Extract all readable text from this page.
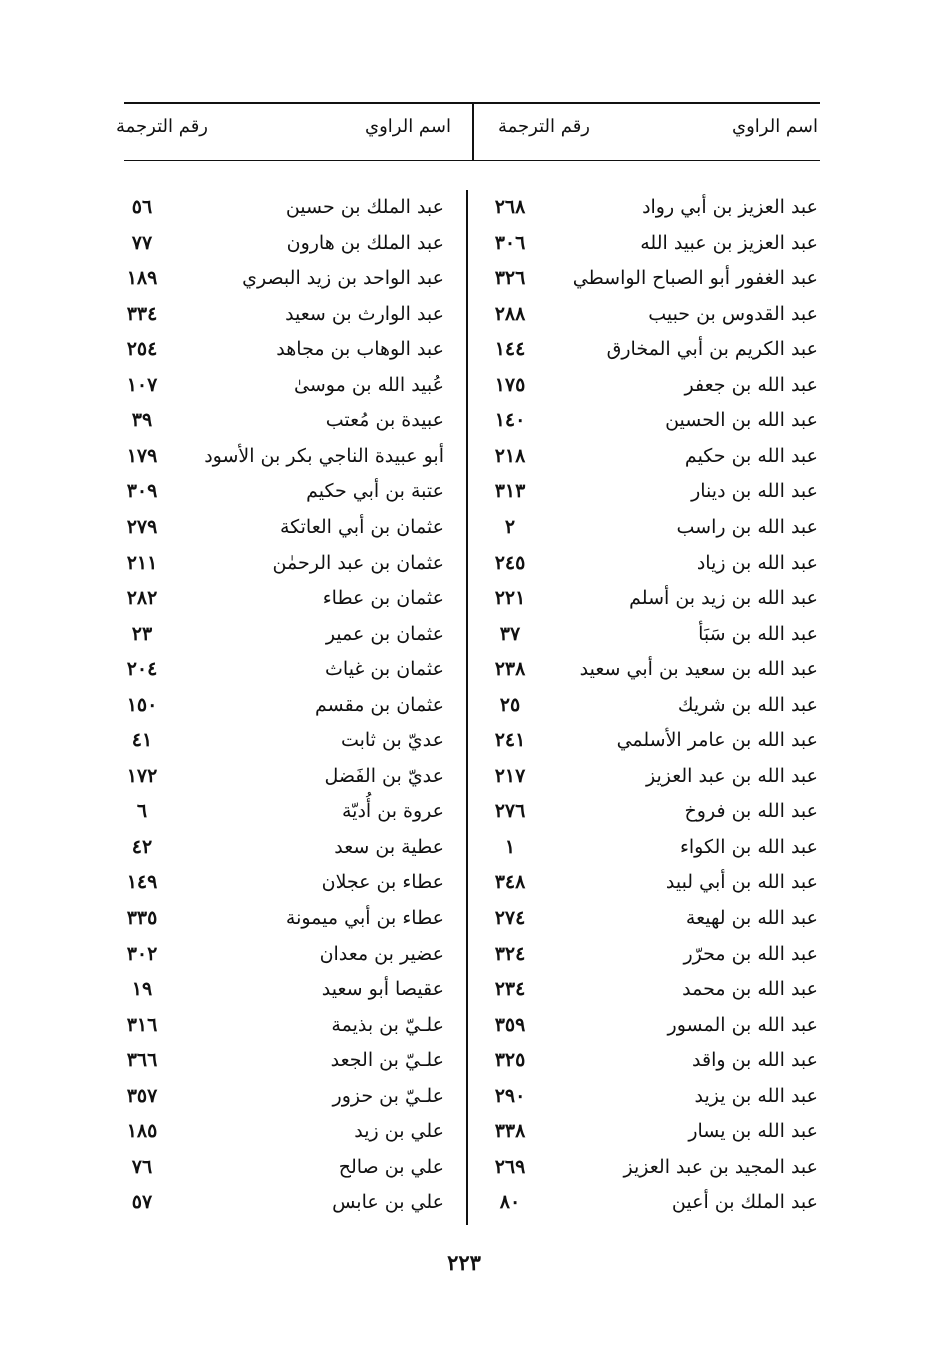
اسم الراوي
رقم الترجمة
اسم الراوي
رقم الترجمة
عبد العزيز بن أبي رواد
٢٦٨
عبد العزيز بن عبيد الله
٣٠٦
عبد الغفور أبو الصباح الواسطي
٣٢٦
عبد القدوس بن حبيب
٢٨٨
عبد الكريم بن أبي المخارق
١٤٤
عبد الله بن جعفر
١٧٥
عبد الله بن الحسين
١٤٠
عبد الله بن حكيم
٢١٨
عبد الله بن دينار
٣١٣
عبد الله بن راسب
٢
عبد الله بن زياد
٢٤٥
عبد الله بن زيد بن أسلم
٢٢١
عبد الله بن سَبَأ
٣٧
عبد الله بن سعيد بن أبي سعيد
٢٣٨
عبد الله بن شريك
٢٥
عبد الله بن عامر الأسلمي
٢٤١
عبد الله بن عبد العزيز
٢١٧
عبد الله بن فروخ
٢٧٦
عبد الله بن الكواء
١
عبد الله بن أبي لبيد
٣٤٨
عبد الله بن لهيعة
٢٧٤
عبد الله بن محرّر
٣٢٤
عبد الله بن محمد
٢٣٤
عبد الله بن المسور
٣٥٩
عبد الله بن واقد
٣٢٥
عبد الله بن يزيد
٢٩٠
عبد الله بن يسار
٣٣٨
عبد المجيد بن عبد العزيز
٢٦٩
عبد الملك بن أعين
٨٠
عبد الملك بن حسين
٥٦
عبد الملك بن هارون
٧٧
عبد الواحد بن زيد البصري
١٨٩
عبد الوارث بن سعيد
٣٣٤
عبد الوهاب بن مجاهد
٢٥٤
عُبيد الله بن موسىٰ
١٠٧
عبيدة بن مُعتب
٣٩
أبو عبيدة الناجي بكر بن الأسود
١٧٩
عتبة بن أبي حكيم
٣٠٩
عثمان بن أبي العاتكة
٢٧٩
عثمان بن عبد الرحمٰن
٢١١
عثمان بن عطاء
٢٨٢
عثمان بن عمير
٢٣
عثمان بن غياث
٢٠٤
عثمان بن مقسم
١٥٠
عديّ بن ثابت
٤١
عديّ بن الفَضل
١٧٢
عروة بن أُديّة
٦
عطية بن سعد
٤٢
عطاء بن عجلان
١٤٩
عطاء بن أبي ميمونة
٣٣٥
عضير بن معدان
٣٠٢
عقيصا أبو سعيد
١٩
علـيّ بن بذيمة
٣١٦
علـيّ بن الجعد
٣٦٦
علـيّ بن حزور
٣٥٧
علي بن زيد
١٨٥
علي بن صالح
٧٦
علي بن عابس
٥٧
٢٢٣
